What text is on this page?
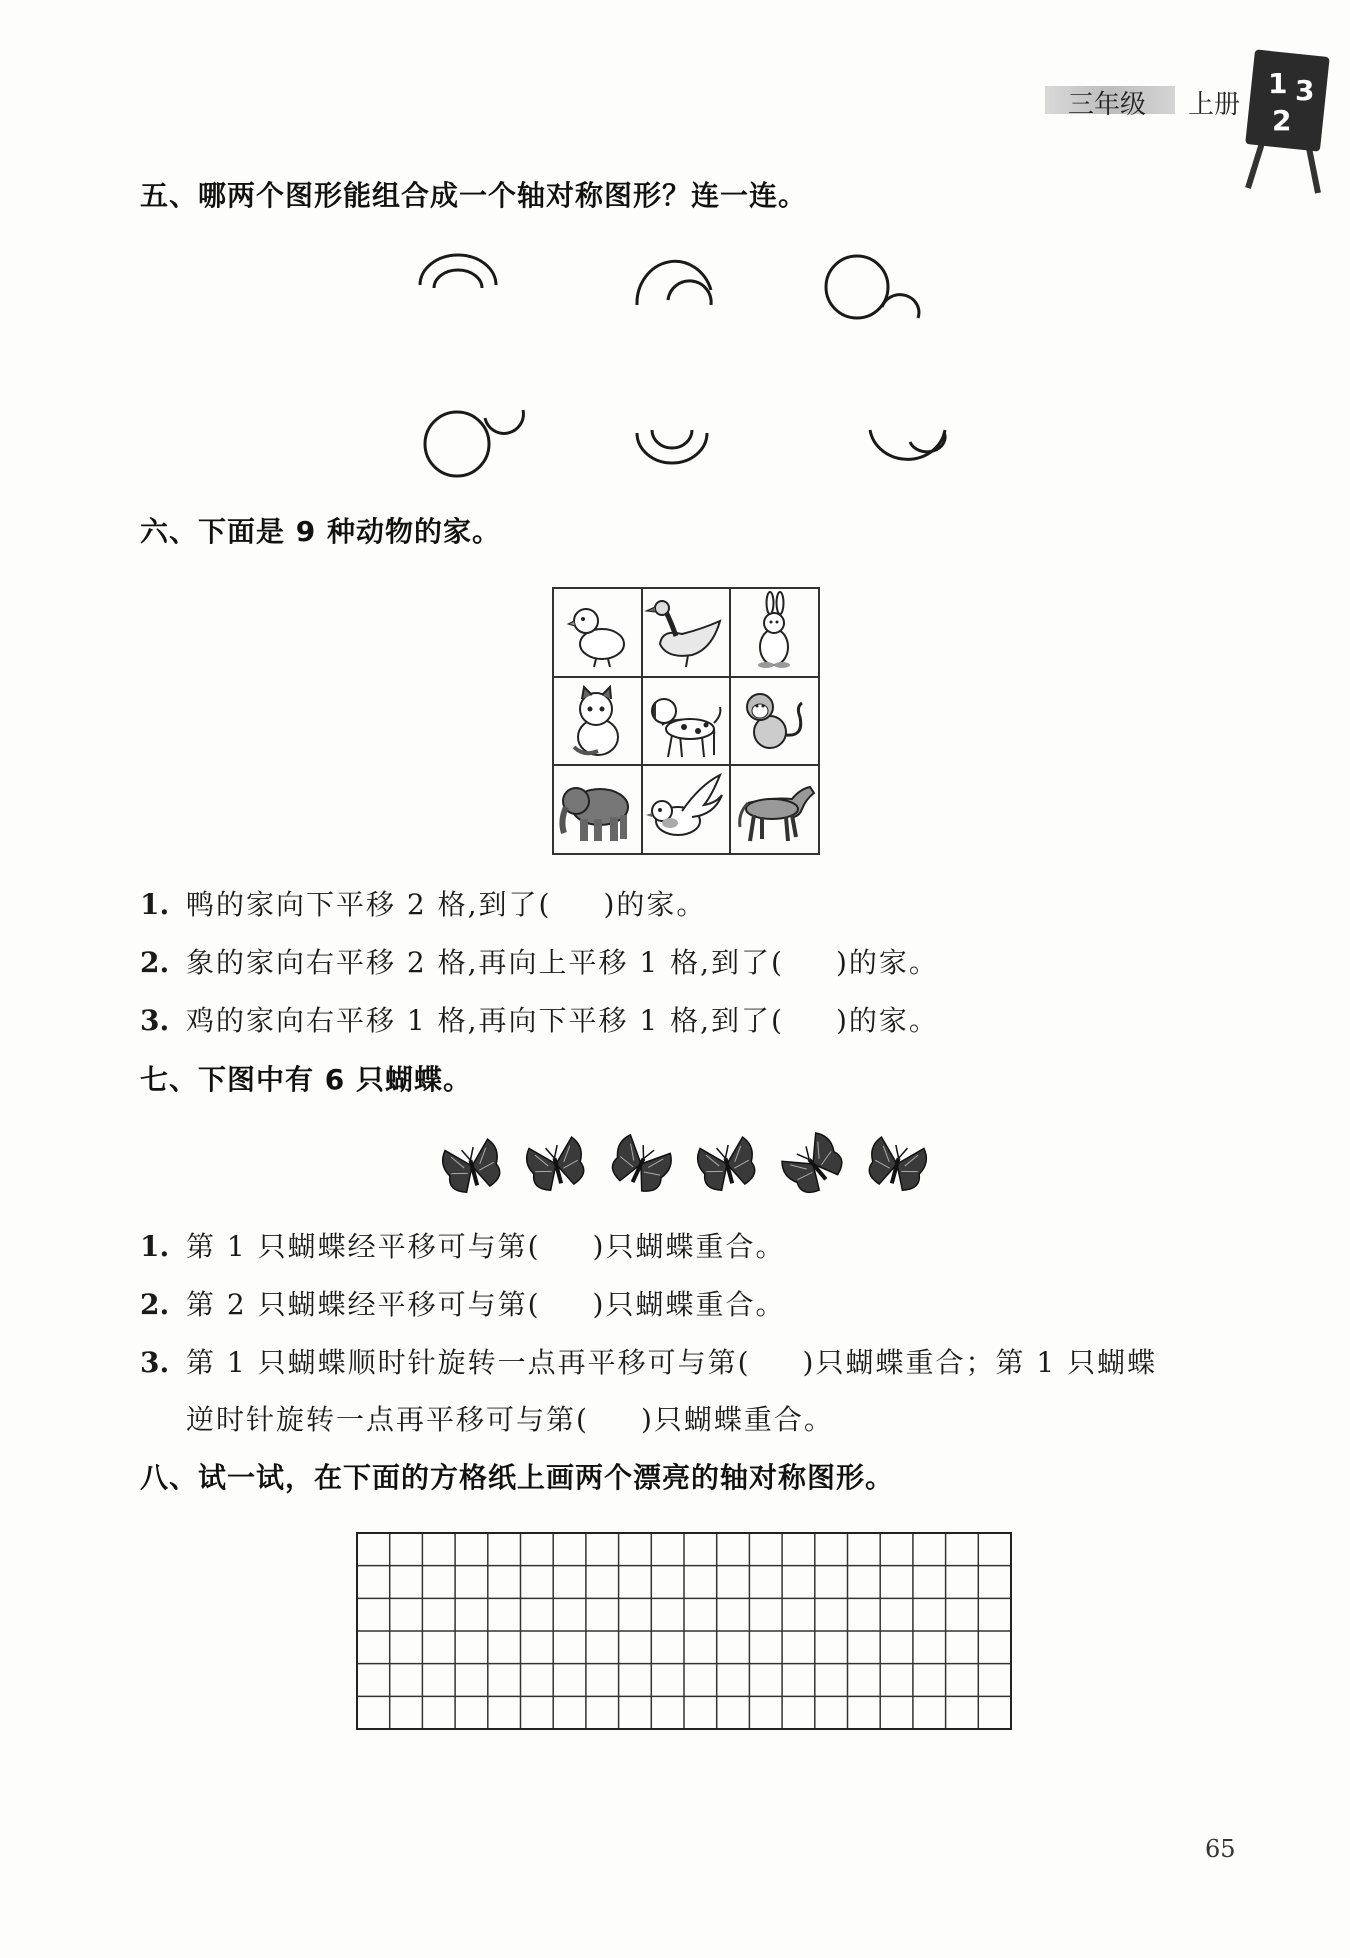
三年级 上册
1 3
2
五、哪两个图形能组合成一个轴对称图形？连一连。
六、下面是 9 种动物的家。
1. 鸭的家向下平移 2 格,到了( )的家。
2. 象的家向右平移 2 格,再向上平移 1 格,到了( )的家。
3. 鸡的家向右平移 1 格,再向下平移 1 格,到了( )的家。
七、下图中有 6 只蝴蝶。
1. 第 1 只蝴蝶经平移可与第( )只蝴蝶重合。
2. 第 2 只蝴蝶经平移可与第( )只蝴蝶重合。
3. 第 1 只蝴蝶顺时针旋转一点再平移可与第( )只蝴蝶重合；第 1 只蝴蝶
逆时针旋转一点再平移可与第( )只蝴蝶重合。
八、试一试，在下面的方格纸上画两个漂亮的轴对称图形。
65
